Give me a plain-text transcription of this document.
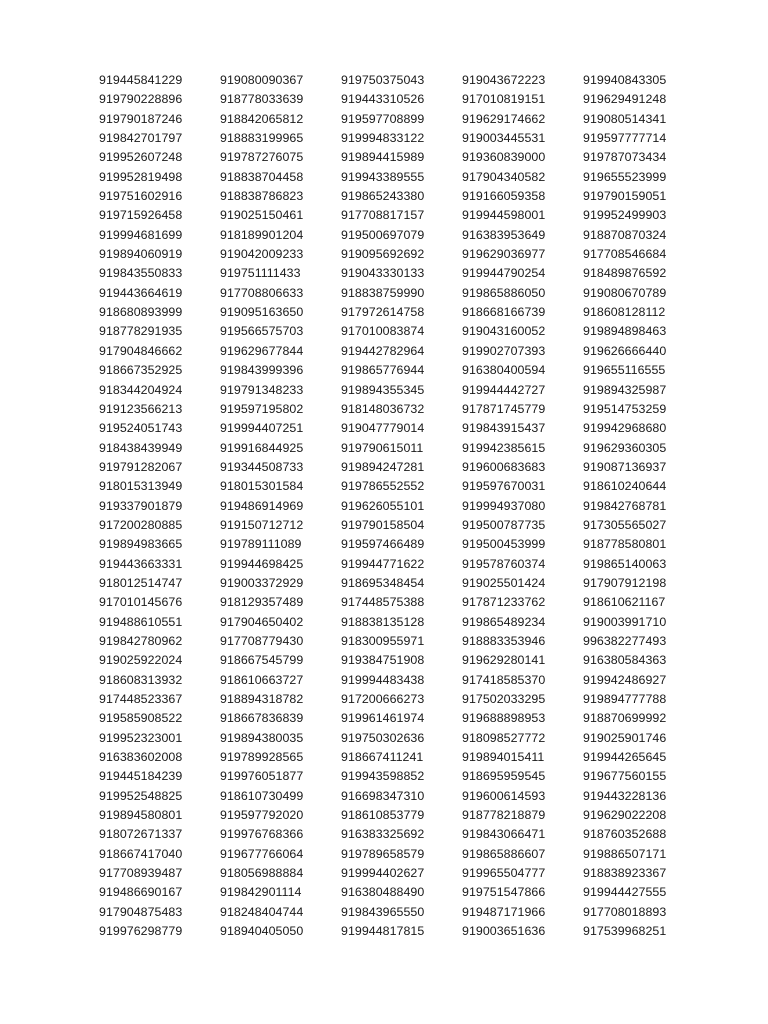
919445841229	919080090367	919750375043	919043672223	919940843305
919790228896	918778033639	919443310526	917010819151	919629491248
919790187246	918842065812	919597708899	919629174662	919080514341
919842701797	918883199965	919994833122	919003445531	919597777714
919952607248	919787276075	919894415989	919360839000	919787073434
919952819498	918838704458	919943389555	917904340582	919655523999
919751602916	918838786823	919865243380	919166059358	919790159051
919715926458	919025150461	917708817157	919944598001	919952499903
919994681699	918189901204	919500697079	916383953649	918870870324
919894060919	919042009233	919095692692	919629036977	917708546684
919843550833	919751111433	919043330133	919944790254	918489876592
919443664619	917708806633	918838759990	919865886050	919080670789
918680893999	919095163650	917972614758	918668166739	918608128112
918778291935	919566575703	917010083874	919043160052	919894898463
917904846662	919629677844	919442782964	919902707393	919626666440
918667352925	919843999396	919865776944	916380400594	919655116555
918344204924	919791348233	919894355345	919944442727	919894325987
919123566213	919597195802	918148036732	917871745779	919514753259
919524051743	919994407251	919047779014	919843915437	919942968680
918438439949	919916844925	919790615011	919942385615	919629360305
919791282067	919344508733	919894247281	919600683683	919087136937
918015313949	918015301584	919786552552	919597670031	918610240644
919337901879	919486914969	919626055101	919994937080	919842768781
917200280885	919150712712	919790158504	919500787735	917305565027
919894983665	919789111089	919597466489	919500453999	918778580801
919443663331	919944698425	919944771622	919578760374	919865140063
918012514747	919003372929	918695348454	919025501424	917907912198
917010145676	918129357489	917448575388	917871233762	918610621167
919488610551	917904650402	918838135128	919865489234	919003991710
919842780962	917708779430	918300955971	918883353946	996382277493
919025922024	918667545799	919384751908	919629280141	916380584363
918608313932	918610663727	919994483438	917418585370	919942486927
917448523367	918894318782	917200666273	917502033295	919894777788
919585908522	918667836839	919961461974	919688898953	918870699992
919952323001	919894380035	919750302636	918098527772	919025901746
916383602008	919789928565	918667411241	919894015411	919944265645
919445184239	919976051877	919943598852	918695959545	919677560155
919952548825	918610730499	916698347310	919600614593	919443228136
919894580801	919597792020	918610853779	918778218879	919629022208
918072671337	919976768366	916383325692	919843066471	918760352688
918667417040	919677766064	919789658579	919865886607	919886507171
917708939487	918056988884	919994402627	919965504777	918838923367
919486690167	919842901114	916380488490	919751547866	919944427555
917904875483	918248404744	919843965550	919487171966	917708018893
919976298779	918940405050	919944817815	919003651636	917539968251
